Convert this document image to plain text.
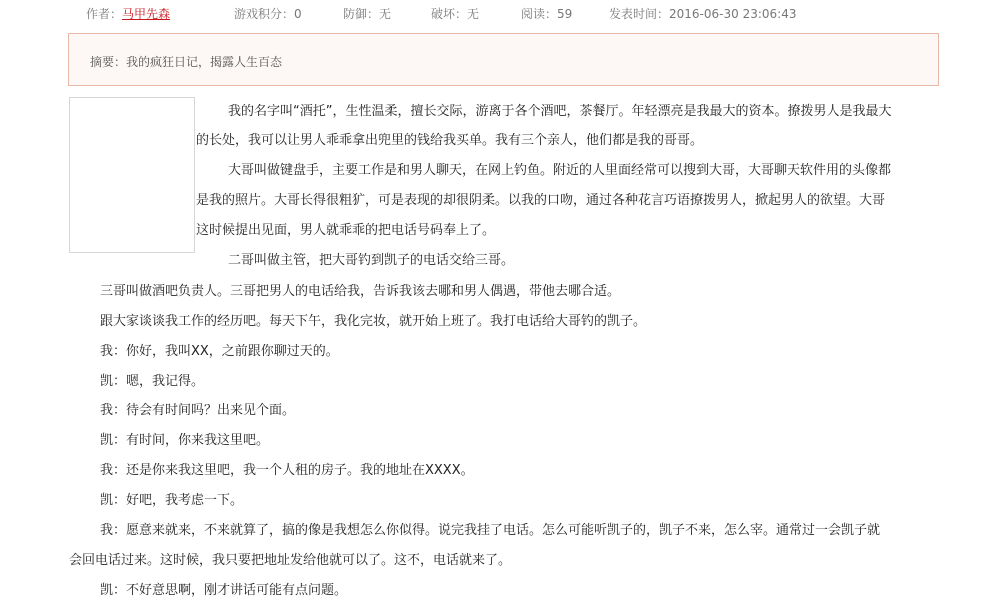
作者：马甲先森	游戏积分：0	防御：无	破坏：无	阅读：59	发表时间：2016-06-30 23:06:43
摘要：我的疯狂日记，揭露人生百态

我的名字叫“酒托”，生性温柔，擅长交际，游离于各个酒吧，茶餐厅。年轻漂亮是我最大的资本。撩拨男人是我最大

的长处，我可以让男人乖乖拿出兜里的钱给我买单。我有三个亲人，他们都是我的哥哥。

大哥叫做键盘手，主要工作是和男人聊天，在网上钓鱼。附近的人里面经常可以搜到大哥，大哥聊天软件用的头像都

是我的照片。大哥长得很粗犷，可是表现的却很阴柔。以我的口吻，通过各种花言巧语撩拨男人，掀起男人的欲望。大哥

这时候提出见面，男人就乖乖的把电话号码奉上了。

二哥叫做主管，把大哥钓到凯子的电话交给三哥。

三哥叫做酒吧负责人。三哥把男人的电话给我，告诉我该去哪和男人偶遇，带他去哪合适。

跟大家谈谈我工作的经历吧。每天下午，我化完妆，就开始上班了。我打电话给大哥钓的凯子。

我：你好，我叫XX，之前跟你聊过天的。

凯：嗯，我记得。

我：待会有时间吗？出来见个面。

凯：有时间，你来我这里吧。

我：还是你来我这里吧，我一个人租的房子。我的地址在XXXX。

凯：好吧，我考虑一下。

我：愿意来就来，不来就算了，搞的像是我想怎么你似得。说完我挂了电话。怎么可能听凯子的，凯子不来，怎么宰。通常过一会凯子就

会回电话过来。这时候，我只要把地址发给他就可以了。这不，电话就来了。

凯：不好意思啊，刚才讲话可能有点问题。
